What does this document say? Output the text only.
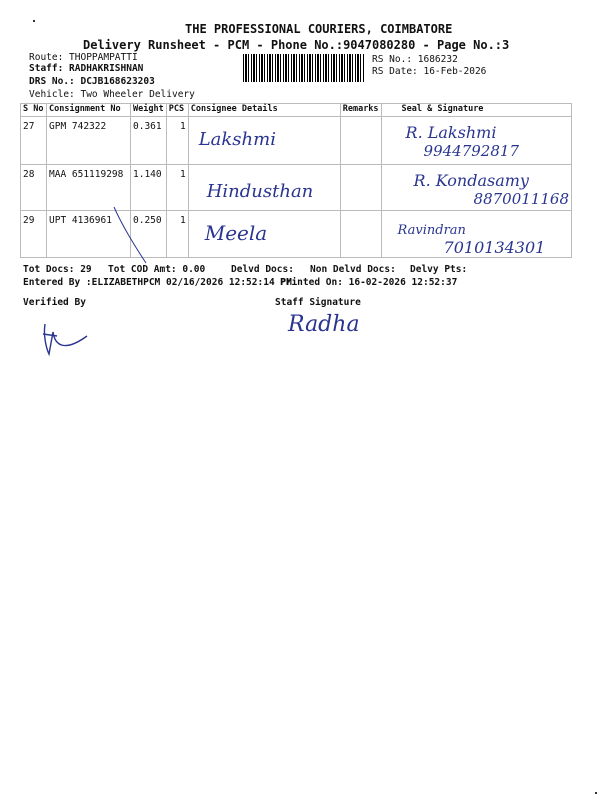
THE PROFESSIONAL COURIERS, COIMBATORE
Delivery Runsheet - PCM - Phone No.:9047080280 - Page No.:3
Route: THOPPAMPATTI
Staff: RADHAKRISHNAN
DRS No.: DCJB168623203
Vehicle: Two Wheeler Delivery
RS No.: 1686232
RS Date: 16-Feb-2026
S No	Consignment No	Weight	PCS	Consignee Details	Remarks	Seal & Signature
27	GPM 742322	0.361	1	Lakshmi		R. Lakshmi
9944792817

28	MAA 651119298	1.140	1	Hindusthan		R. Kondasamy
8870011168

29	UPT 4136961	0.250	1	Meela		Ravindran
7010134301
Tot Docs: 29 Tot COD Amt: 0.00	Delvd Docs: Non Delvd Docs: Delvy Pts:
Entered By :ELIZABETHPCM 02/16/2026 12:52:14 PM
Printed On: 16-02-2026 12:52:37
Verified By	Staff Signature
Radha
